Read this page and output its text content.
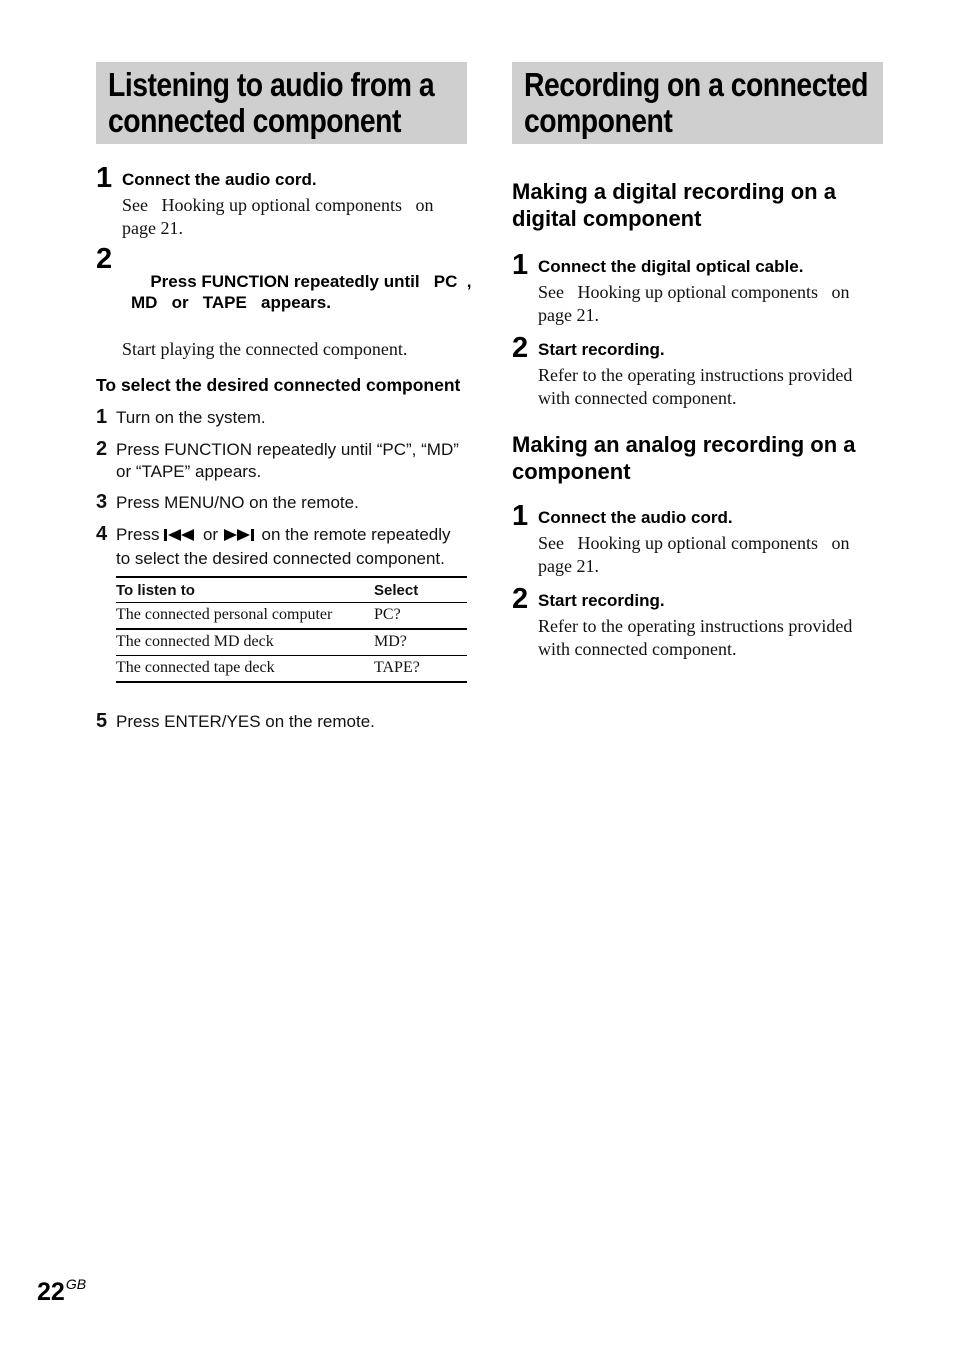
Listening to audio from a
connected component
1 Connect the audio cord.
See   Hooking up optional components   on page 21.
2

Press FUNCTION repeatedly until   PC  ,
MD   or   TAPE   appears.

Start playing the connected component.
To select the desired connected component
1 Turn on the system.
2 Press FUNCTION repeatedly until “PC”, “MD” or “TAPE” appears.
3 Press MENU/NO on the remote.
4 Press	or	on the remote repeatedly to select the desired connected component.
To listen to	Select
The connected personal computer	PC?
The connected MD deck	MD?
The connected tape deck	TAPE?
5 Press ENTER/YES on the remote.
Recording on a connected
component
Making a digital recording on a digital component
1 Connect the digital optical cable.
See   Hooking up optional components   on page 21.
2 Start recording.
Refer to the operating instructions provided with connected component.
Making an analog recording on a component
1 Connect the audio cord.
See   Hooking up optional components   on page 21.
2 Start recording.
Refer to the operating instructions provided with connected component.
$22^{GB}$
